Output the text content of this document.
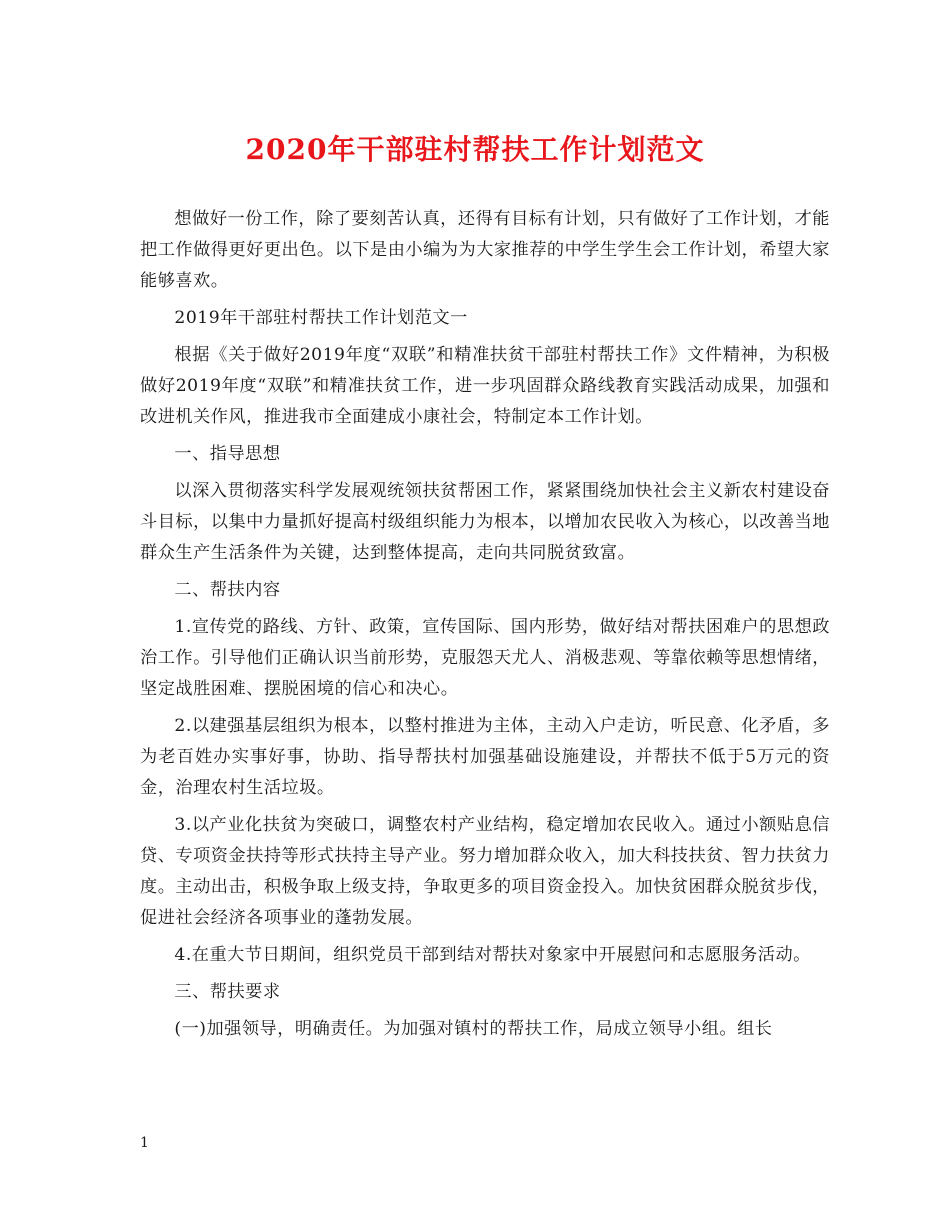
2020年干部驻村帮扶工作计划范文

想做好一份工作，除了要刻苦认真，还得有目标有计划，只有做好了工作计划，才能把工作做得更好更出色。以下是由小编为为大家推荐的中学生学生会工作计划，希望大家能够喜欢。

2019年干部驻村帮扶工作计划范文一

根据《关于做好2019年度“双联”和精准扶贫干部驻村帮扶工作》文件精神，为积极做好2019年度“双联”和精准扶贫工作，进一步巩固群众路线教育实践活动成果，加强和改进机关作风，推进我市全面建成小康社会，特制定本工作计划。

一、指导思想

以深入贯彻落实科学发展观统领扶贫帮困工作，紧紧围绕加快社会主义新农村建设奋斗目标，以集中力量抓好提高村级组织能力为根本，以增加农民收入为核心，以改善当地群众生产生活条件为关键，达到整体提高，走向共同脱贫致富。

二、帮扶内容

1.宣传党的路线、方针、政策，宣传国际、国内形势，做好结对帮扶困难户的思想政治工作。引导他们正确认识当前形势，克服怨天尤人、消极悲观、等靠依赖等思想情绪，坚定战胜困难、摆脱困境的信心和决心。

2.以建强基层组织为根本，以整村推进为主体，主动入户走访，听民意、化矛盾，多为老百姓办实事好事，协助、指导帮扶村加强基础设施建设，并帮扶不低于5万元的资金，治理农村生活垃圾。

3.以产业化扶贫为突破口，调整农村产业结构，稳定增加农民收入。通过小额贴息信贷、专项资金扶持等形式扶持主导产业。努力增加群众收入，加大科技扶贫、智力扶贫力度。主动出击，积极争取上级支持，争取更多的项目资金投入。加快贫困群众脱贫步伐，促进社会经济各项事业的蓬勃发展。

4.在重大节日期间，组织党员干部到结对帮扶对象家中开展慰问和志愿服务活动。

三、帮扶要求

(一)加强领导，明确责任。为加强对镇村的帮扶工作，局成立领导小组。组长

1
